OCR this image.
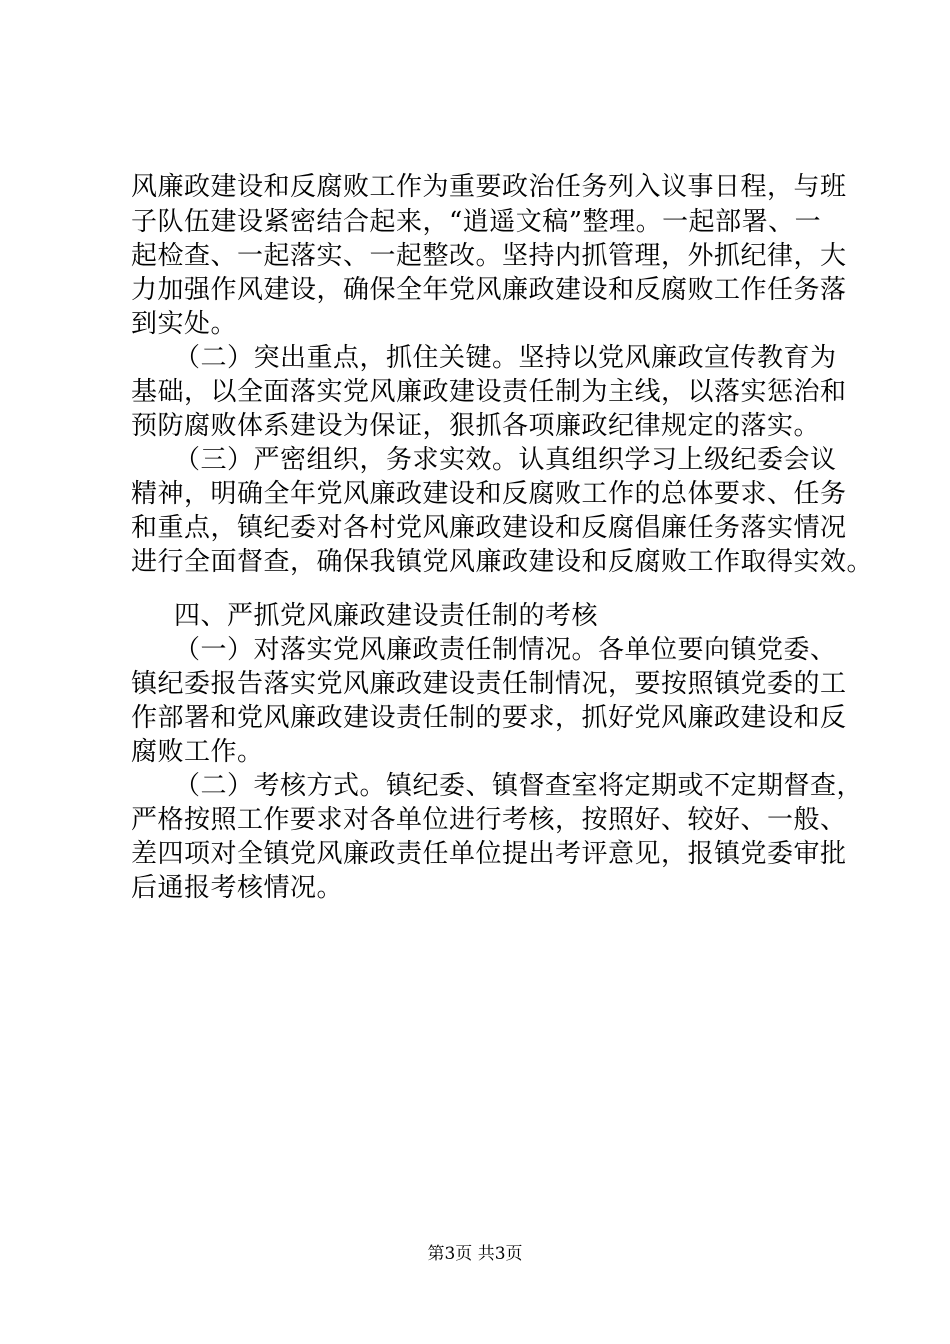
风廉政建设和反腐败工作为重要政治任务列入议事日程，与班
子队伍建设紧密结合起来，“逍遥文稿”整理。一起部署、一
起检查、一起落实、一起整改。坚持内抓管理，外抓纪律，大
力加强作风建设，确保全年党风廉政建设和反腐败工作任务落
到实处。
（二）突出重点，抓住关键。坚持以党风廉政宣传教育为
基础，以全面落实党风廉政建设责任制为主线，以落实惩治和
预防腐败体系建设为保证，狠抓各项廉政纪律规定的落实。
（三）严密组织，务求实效。认真组织学习上级纪委会议
精神，明确全年党风廉政建设和反腐败工作的总体要求、任务
和重点，镇纪委对各村党风廉政建设和反腐倡廉任务落实情况
进行全面督查，确保我镇党风廉政建设和反腐败工作取得实效。
四、严抓党风廉政建设责任制的考核
（一）对落实党风廉政责任制情况。各单位要向镇党委、
镇纪委报告落实党风廉政建设责任制情况，要按照镇党委的工
作部署和党风廉政建设责任制的要求，抓好党风廉政建设和反
腐败工作。
（二）考核方式。镇纪委、镇督查室将定期或不定期督查，
严格按照工作要求对各单位进行考核，按照好、较好、一般、
差四项对全镇党风廉政责任单位提出考评意见，报镇党委审批
后通报考核情况。
第3页 共3页
